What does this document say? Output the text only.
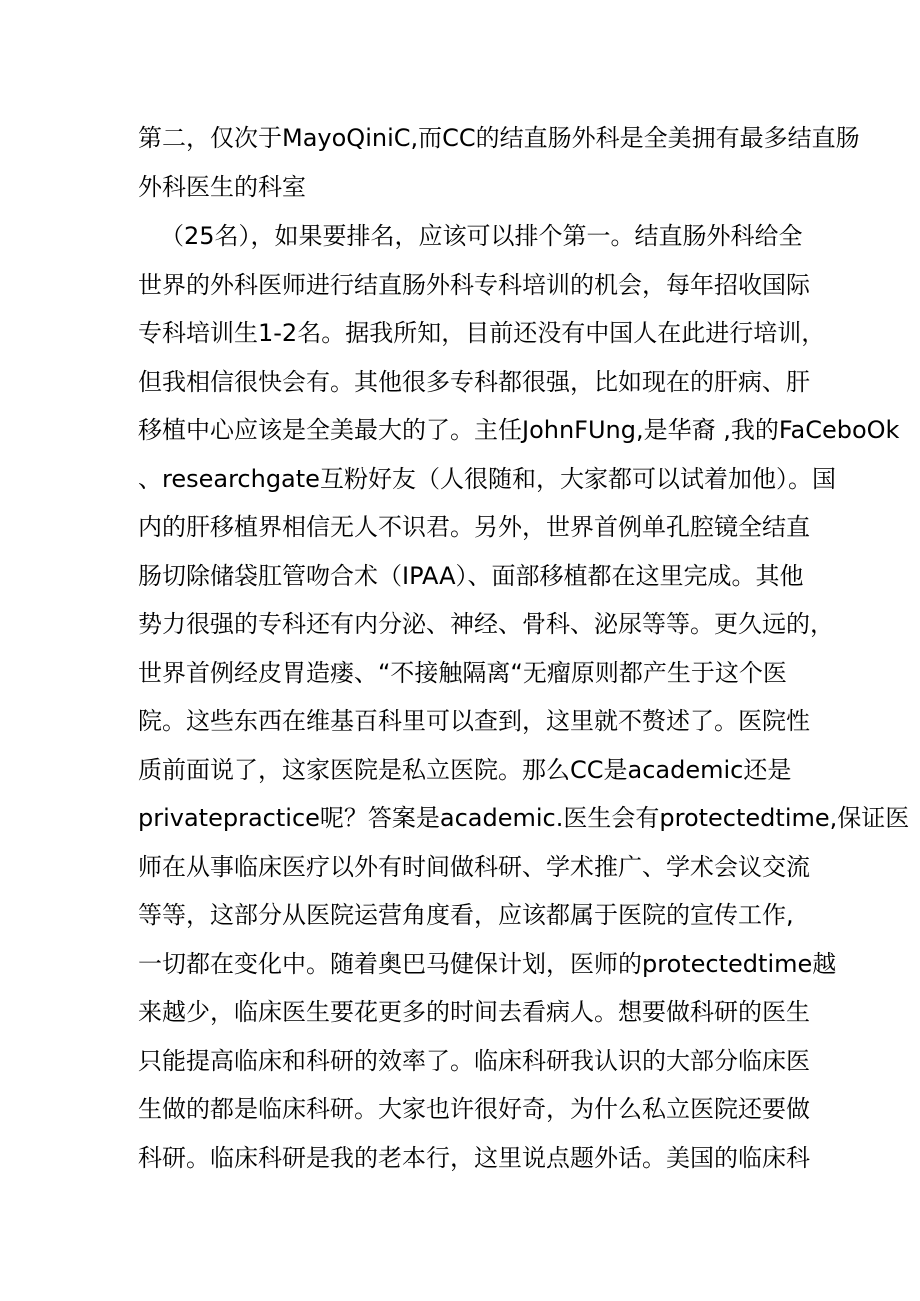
第二，仅次于MayoQiniC,而CC的结直肠外科是全美拥有最多结直肠
外科医生的科室
（25名），如果要排名，应该可以排个第一。结直肠外科给全
世界的外科医师进行结直肠外科专科培训的机会，每年招收国际
专科培训生1-2名。据我所知，目前还没有中国人在此进行培训，
但我相信很快会有。其他很多专科都很强，比如现在的肝病、肝
移植中心应该是全美最大的了。主任JohnFUng,是华裔 ,我的FaCeboOk
、researchgate互粉好友（人很随和，大家都可以试着加他）。国
内的肝移植界相信无人不识君。另外，世界首例单孔腔镜全结直
肠切除储袋肛管吻合术（IPAA）、面部移植都在这里完成。其他
势力很强的专科还有内分泌、神经、骨科、泌尿等等。更久远的，
世界首例经皮胃造瘘、“不接触隔离“无瘤原则都产生于这个医
院。这些东西在维基百科里可以查到，这里就不赘述了。医院性
质前面说了，这家医院是私立医院。那么CC是academic还是
privatepractice呢？答案是academic.医生会有protectedtime,保证医
师在从事临床医疗以外有时间做科研、学术推广、学术会议交流
等等，这部分从医院运营角度看，应该都属于医院的宣传工作,
一切都在变化中。随着奥巴马健保计划，医师的protectedtime越
来越少，临床医生要花更多的时间去看病人。想要做科研的医生
只能提高临床和科研的效率了。临床科研我认识的大部分临床医
生做的都是临床科研。大家也许很好奇，为什么私立医院还要做
科研。临床科研是我的老本行，这里说点题外话。美国的临床科
